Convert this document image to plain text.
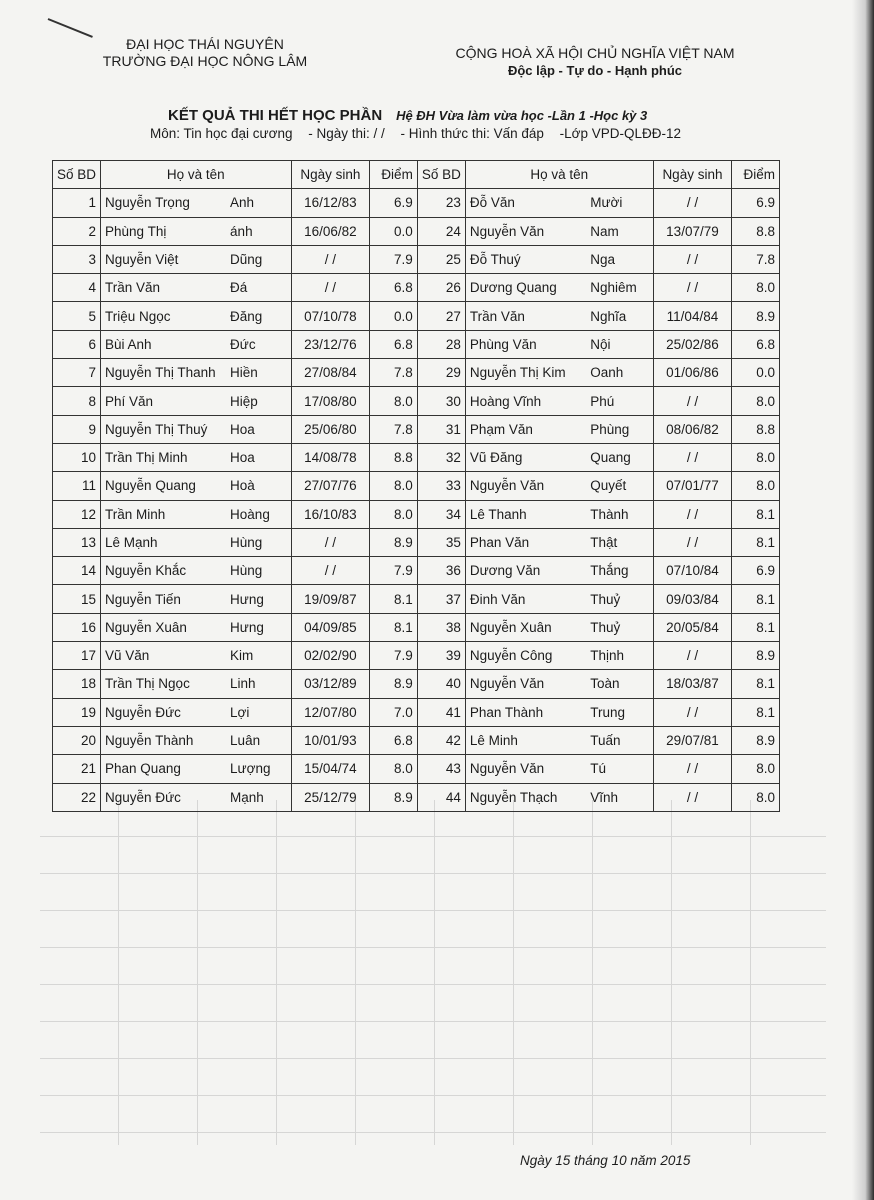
ĐẠI HỌC THÁI NGUYÊN
TRƯỜNG ĐẠI HỌC NÔNG LÂM	CỘNG HOÀ XÃ HỘI CHỦ NGHĨA VIỆT NAM
Độc lập - Tự do - Hạnh phúc
KẾT QUẢ THI HẾT HỌC PHẦN Hệ ĐH Vừa làm vừa học -Lần 1 -Học kỳ 3
Môn: Tin học đại cương - Ngày thi: / / - Hình thức thi: Vấn đáp -Lớp VPD-QLĐĐ-12
Số BD	Họ và tên		Ngày sinh	Điểm	Số BD	Họ và tên		Ngày sinh	Điểm
1	Nguyễn Trọng	Anh	16/12/83	6.9	23	Đỗ Văn	Mười	/ /	6.9
2	Phùng Thị	ánh	16/06/82	0.0	24	Nguyễn Văn	Nam	13/07/79	8.8
3	Nguyễn Việt	Dũng	/ /	7.9	25	Đỗ Thuý	Nga	/ /	7.8
4	Trần Văn	Đá	/ /	6.8	26	Dương Quang	Nghiêm	/ /	8.0
5	Triệu Ngọc	Đăng	07/10/78	0.0	27	Trần Văn	Nghĩa	11/04/84	8.9
6	Bùi Anh	Đức	23/12/76	6.8	28	Phùng Văn	Nội	25/02/86	6.8
7	Nguyễn Thị Thanh	Hiền	27/08/84	7.8	29	Nguyễn Thị Kim	Oanh	01/06/86	0.0
8	Phí Văn	Hiệp	17/08/80	8.0	30	Hoàng Vĩnh	Phú	/ /	8.0
9	Nguyễn Thị Thuý	Hoa	25/06/80	7.8	31	Phạm Văn	Phùng	08/06/82	8.8
10	Trần Thị Minh	Hoa	14/08/78	8.8	32	Vũ Đăng	Quang	/ /	8.0
11	Nguyễn Quang	Hoà	27/07/76	8.0	33	Nguyễn Văn	Quyết	07/01/77	8.0
12	Trần Minh	Hoàng	16/10/83	8.0	34	Lê Thanh	Thành	/ /	8.1
13	Lê Mạnh	Hùng	/ /	8.9	35	Phan Văn	Thật	/ /	8.1
14	Nguyễn Khắc	Hùng	/ /	7.9	36	Dương Văn	Thắng	07/10/84	6.9
15	Nguyễn Tiến	Hưng	19/09/87	8.1	37	Đinh Văn	Thuỷ	09/03/84	8.1
16	Nguyễn Xuân	Hưng	04/09/85	8.1	38	Nguyễn Xuân	Thuỷ	20/05/84	8.1
17	Vũ Văn	Kim	02/02/90	7.9	39	Nguyễn Công	Thịnh	/ /	8.9
18	Trần Thị Ngọc	Linh	03/12/89	8.9	40	Nguyễn Văn	Toàn	18/03/87	8.1
19	Nguyễn Đức	Lợi	12/07/80	7.0	41	Phan Thành	Trung	/ /	8.1
20	Nguyễn Thành	Luân	10/01/93	6.8	42	Lê Minh	Tuấn	29/07/81	8.9
21	Phan Quang	Lượng	15/04/74	8.0	43	Nguyễn Văn	Tú	/ /	8.0
22	Nguyễn Đức	Mạnh	25/12/79	8.9	44	Nguyễn Thạch	Vĩnh	/ /	8.0
Ngày 15 tháng 10 năm 2015
